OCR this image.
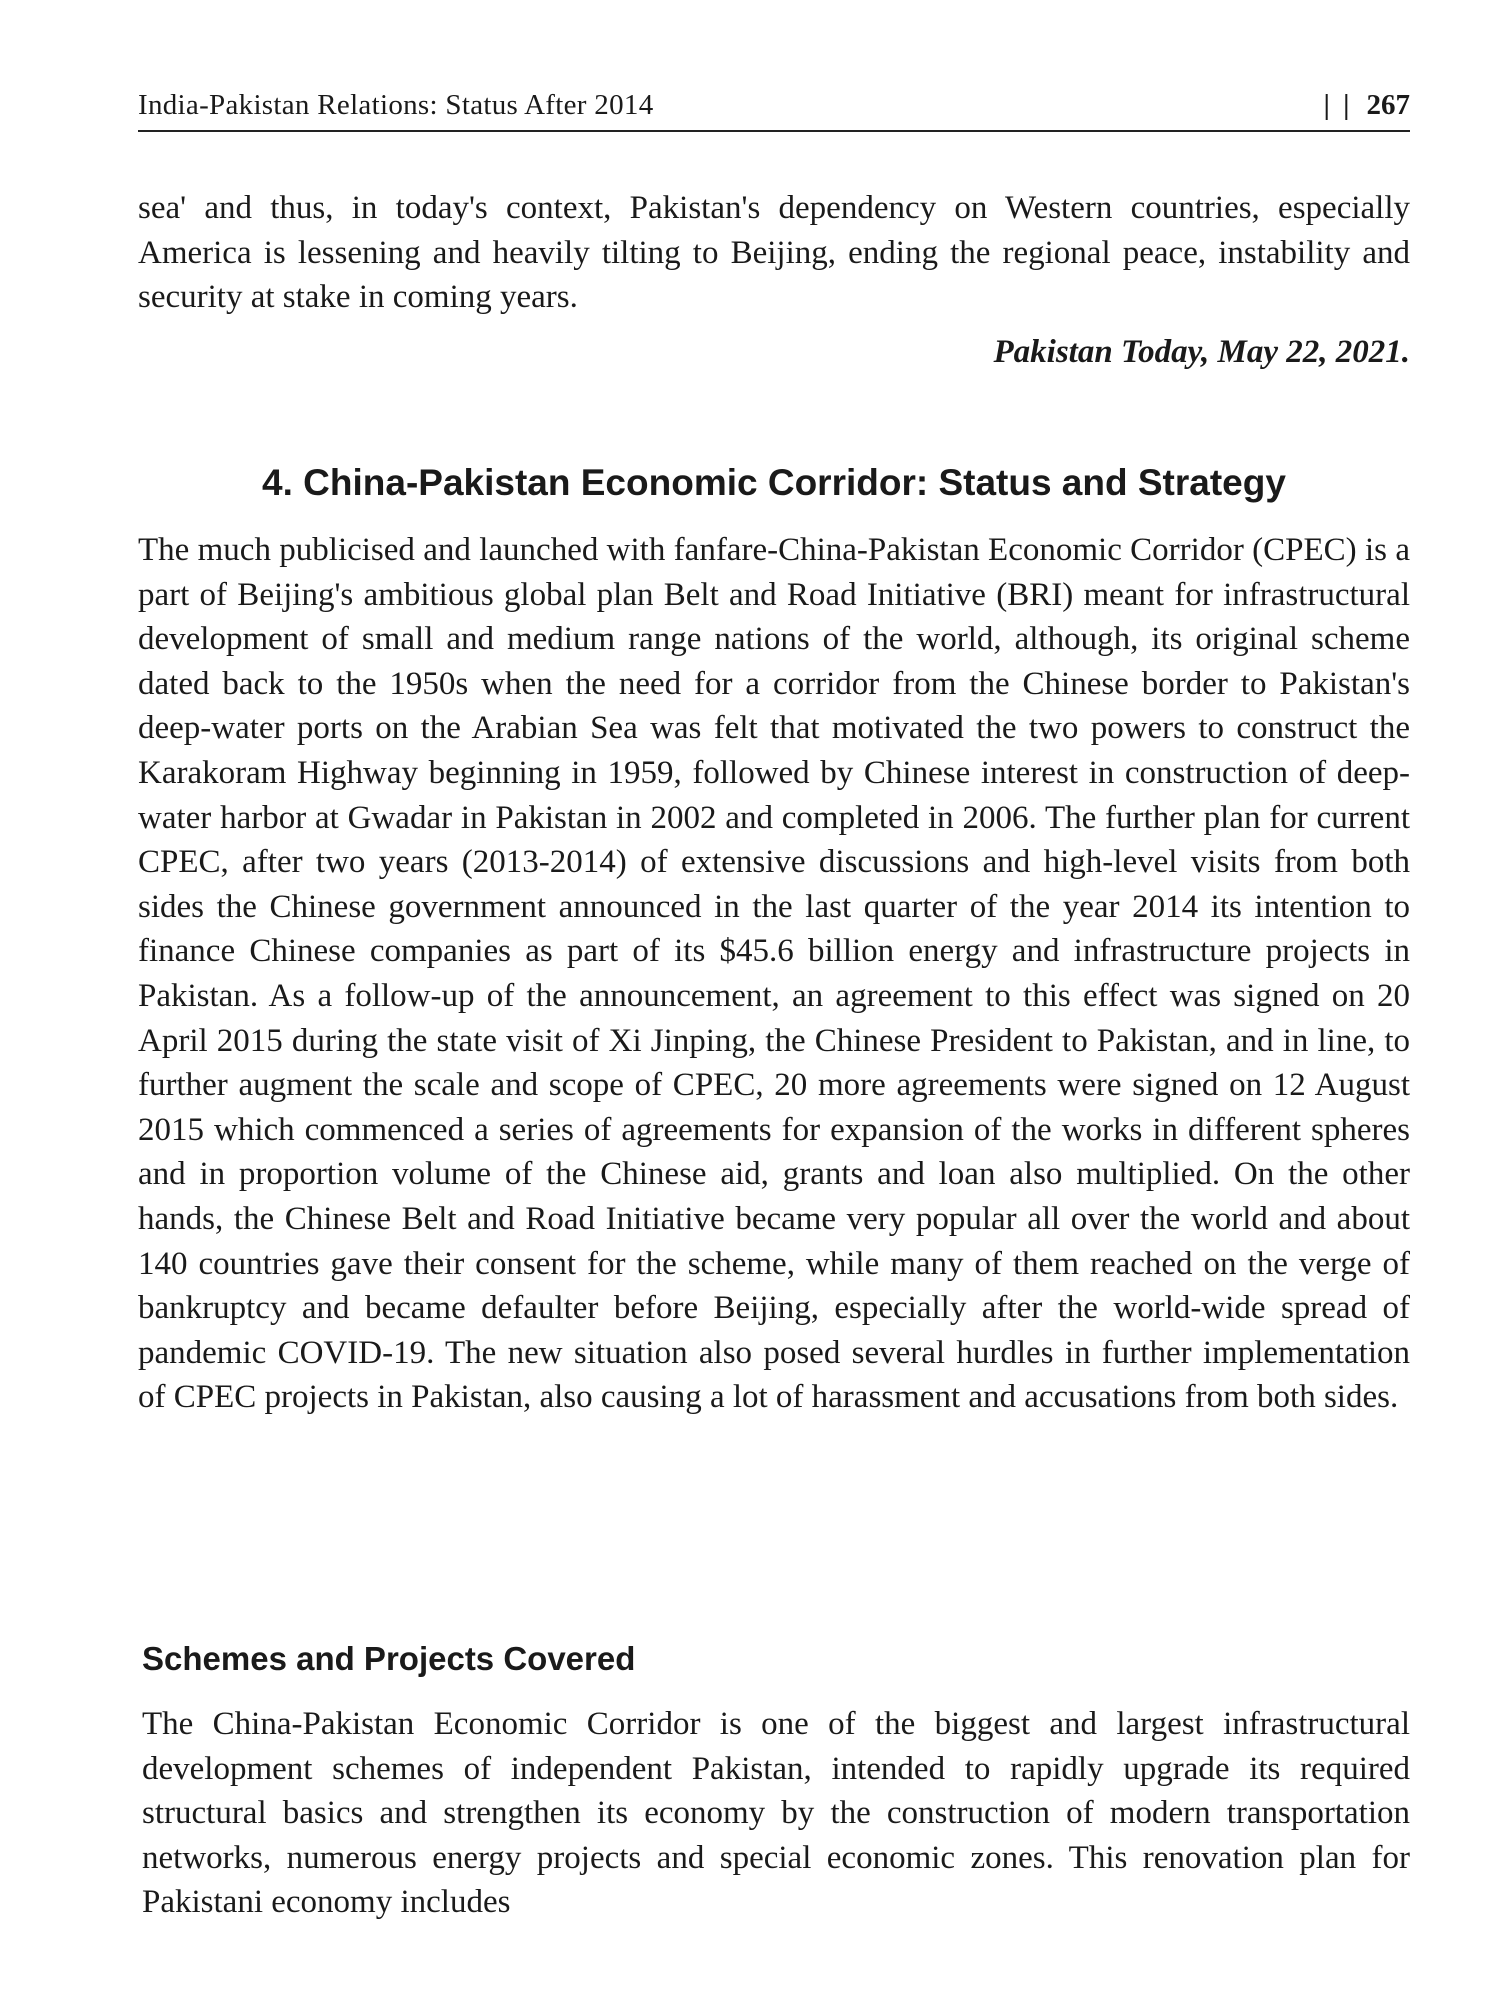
India-Pakistan Relations: Status After 2014	| | 267

sea' and thus, in today's context, Pakistan's dependency on Western countries, especially America is lessening and heavily tilting to Beijing, ending the regional peace, instability and security at stake in coming years.

Pakistan Today, May 22, 2021.

4. China-Pakistan Economic Corridor: Status and Strategy

The much publicised and launched with fanfare-China-Pakistan Economic Corridor (CPEC) is a part of Beijing's ambitious global plan Belt and Road Initiative (BRI) meant for infrastructural development of small and medium range nations of the world, although, its original scheme dated back to the 1950s when the need for a corridor from the Chinese border to Pakistan's deep-water ports on the Arabian Sea was felt that motivated the two powers to construct the Karakoram Highway beginning in 1959, followed by Chinese interest in construction of deep-water harbor at Gwadar in Pakistan in 2002 and completed in 2006. The further plan for current CPEC, after two years (2013-2014) of extensive discussions and high-level visits from both sides the Chinese government announced in the last quarter of the year 2014 its intention to finance Chinese companies as part of its $45.6 billion energy and infrastructure projects in Pakistan. As a follow-up of the announcement, an agreement to this effect was signed on 20 April 2015 during the state visit of Xi Jinping, the Chinese President to Pakistan, and in line, to further augment the scale and scope of CPEC, 20 more agreements were signed on 12 August 2015 which commenced a series of agreements for expansion of the works in different spheres and in proportion volume of the Chinese aid, grants and loan also multiplied. On the other hands, the Chinese Belt and Road Initiative became very popular all over the world and about 140 countries gave their consent for the scheme, while many of them reached on the verge of bankruptcy and became defaulter before Beijing, especially after the world-wide spread of pandemic COVID-19. The new situation also posed several hurdles in further implementation of CPEC projects in Pakistan, also causing a lot of harassment and accusations from both sides.

Schemes and Projects Covered

The China-Pakistan Economic Corridor is one of the biggest and largest infrastructural development schemes of independent Pakistan, intended to rapidly upgrade its required structural basics and strengthen its economy by the construction of modern transportation networks, numerous energy projects and special economic zones. This renovation plan for Pakistani economy includes
